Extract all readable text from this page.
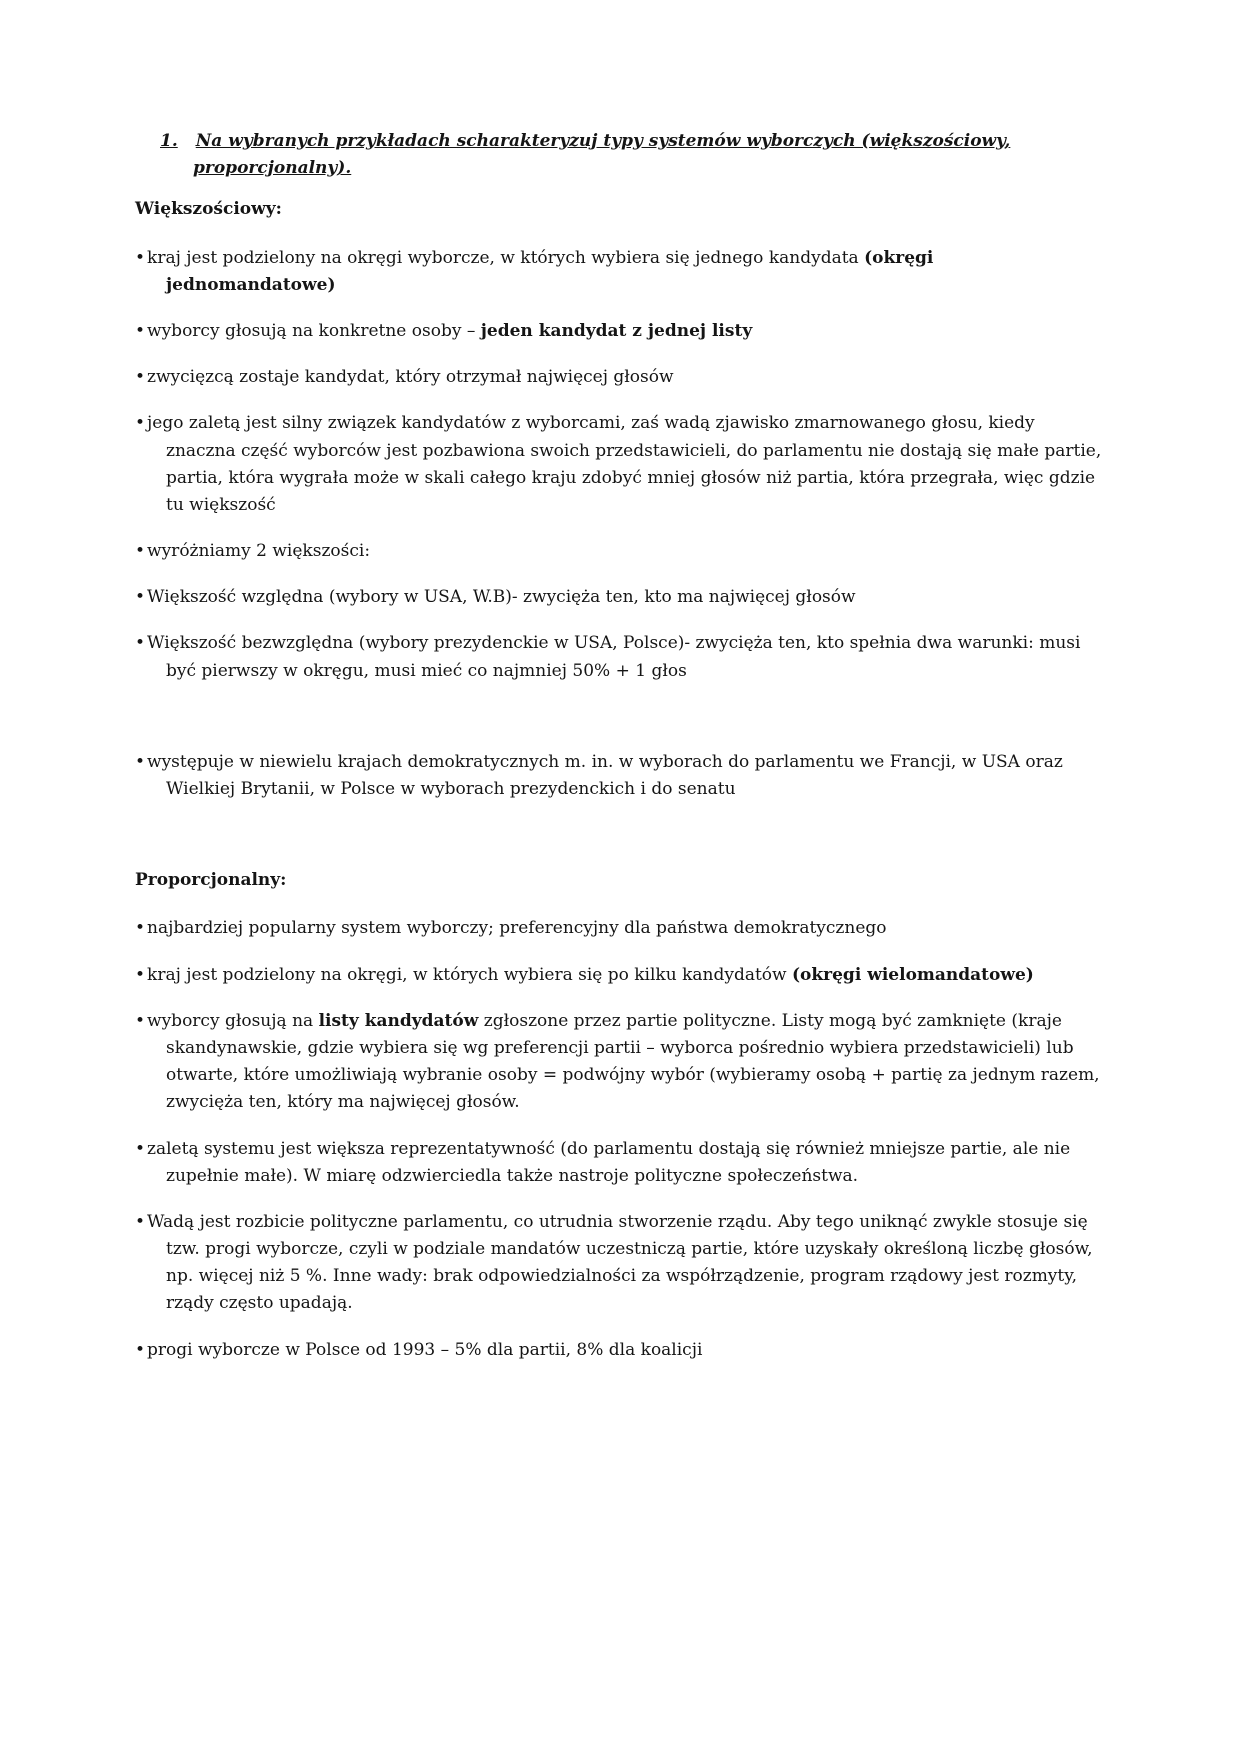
1. Na wybranych przykładach scharakteryzuj typy systemów wyborczych (większościowy, proporcjonalny).

Większościowy:

• kraj jest podzielony na okręgi wyborcze, w których wybiera się jednego kandydata (okręgi jednomandatowe)

• wyborcy głosują na konkretne osoby – jeden kandydat z jednej listy

• zwycięzcą zostaje kandydat, który otrzymał najwięcej głosów

• jego zaletą jest silny związek kandydatów z wyborcami, zaś wadą zjawisko zmarnowanego głosu, kiedy znaczna część wyborców jest pozbawiona swoich przedstawicieli, do parlamentu nie dostają się małe partie, partia, która wygrała może w skali całego kraju zdobyć mniej głosów niż partia, która przegrała, więc gdzie tu większość

• wyróżniamy 2 większości:

• Większość względna (wybory w USA, W.B)- zwycięża ten, kto ma najwięcej głosów

• Większość bezwzględna (wybory prezydenckie w USA, Polsce)- zwycięża ten, kto spełnia dwa warunki: musi być pierwszy w okręgu, musi mieć co najmniej 50% + 1 głos

• występuje w niewielu krajach demokratycznych m. in. w wyborach do parlamentu we Francji, w USA oraz Wielkiej Brytanii, w Polsce w wyborach prezydenckich i do senatu

Proporcjonalny:

• najbardziej popularny system wyborczy; preferencyjny dla państwa demokratycznego

• kraj jest podzielony na okręgi, w których wybiera się po kilku kandydatów (okręgi wielomandatowe)

• wyborcy głosują na listy kandydatów zgłoszone przez partie polityczne. Listy mogą być zamknięte (kraje skandynawskie, gdzie wybiera się wg preferencji partii – wyborca pośrednio wybiera przedstawicieli) lub otwarte, które umożliwiają wybranie osoby = podwójny wybór (wybieramy osobą + partię za jednym razem, zwycięża ten, który ma najwięcej głosów.

• zaletą systemu jest większa reprezentatywność (do parlamentu dostają się również mniejsze partie, ale nie zupełnie małe). W miarę odzwierciedla także nastroje polityczne społeczeństwa.

• Wadą jest rozbicie polityczne parlamentu, co utrudnia stworzenie rządu. Aby tego uniknąć zwykle stosuje się tzw. progi wyborcze, czyli w podziale mandatów uczestniczą partie, które uzyskały określoną liczbę głosów, np. więcej niż 5 %. Inne wady: brak odpowiedzialności za współrządzenie, program rządowy jest rozmyty, rządy często upadają.

• progi wyborcze w Polsce od 1993 – 5% dla partii, 8% dla koalicji
